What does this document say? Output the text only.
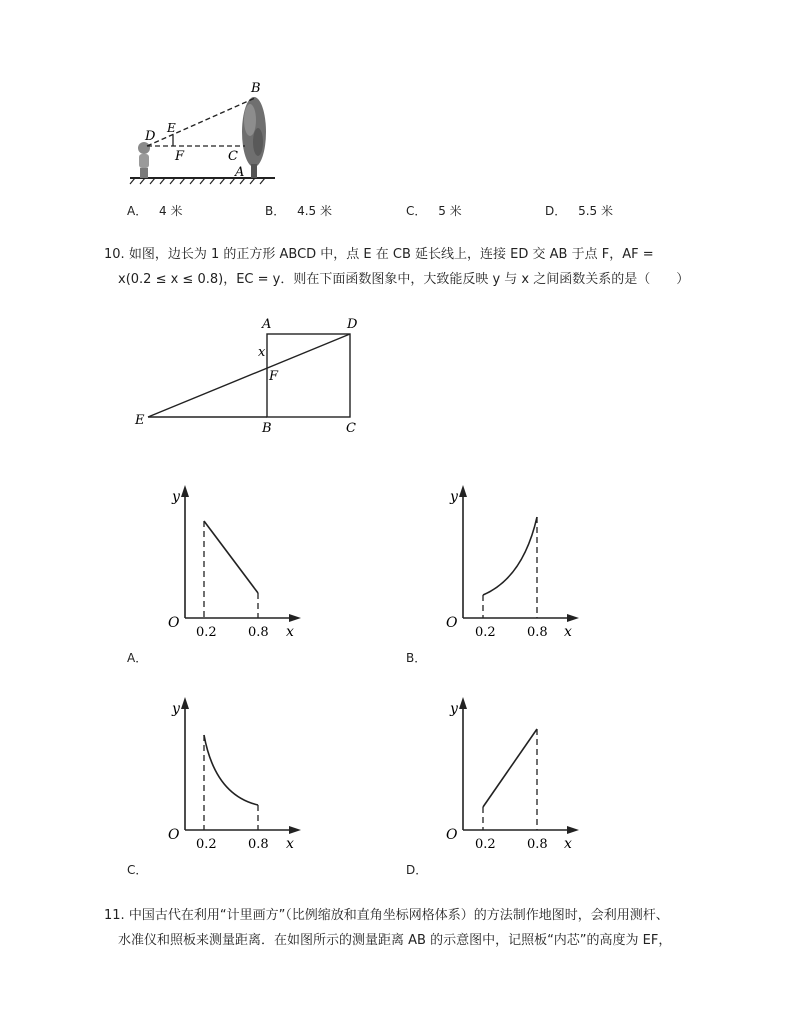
B
E
D
F	C
A
A． 4 米	B． 4.5 米	C． 5 米	D． 5.5 米
10. 如图，边长为 1 的正方形 ABCD 中，点 E 在 CB 延长线上，连接 ED 交 AB 于点 F，AF =
x(0.2 ≤ x ≤ 0.8)，EC = y．则在下面函数图象中，大致能反映 y 与 x 之间函数关系的是（　　）
A	D
x
F
E
B	C
y
O
0.2 0.8 x
A．
y
O
0.2 0.8 x
B．
y
O
0.2 0.8 x
C．
y
O
0.2 0.8 x
D．
11. 中国古代在利用“计里画方”（比例缩放和直角坐标网格体系）的方法制作地图时，会利用测杆、
水准仪和照板来测量距离．在如图所示的测量距离 AB 的示意图中，记照板“内芯”的高度为 EF，
